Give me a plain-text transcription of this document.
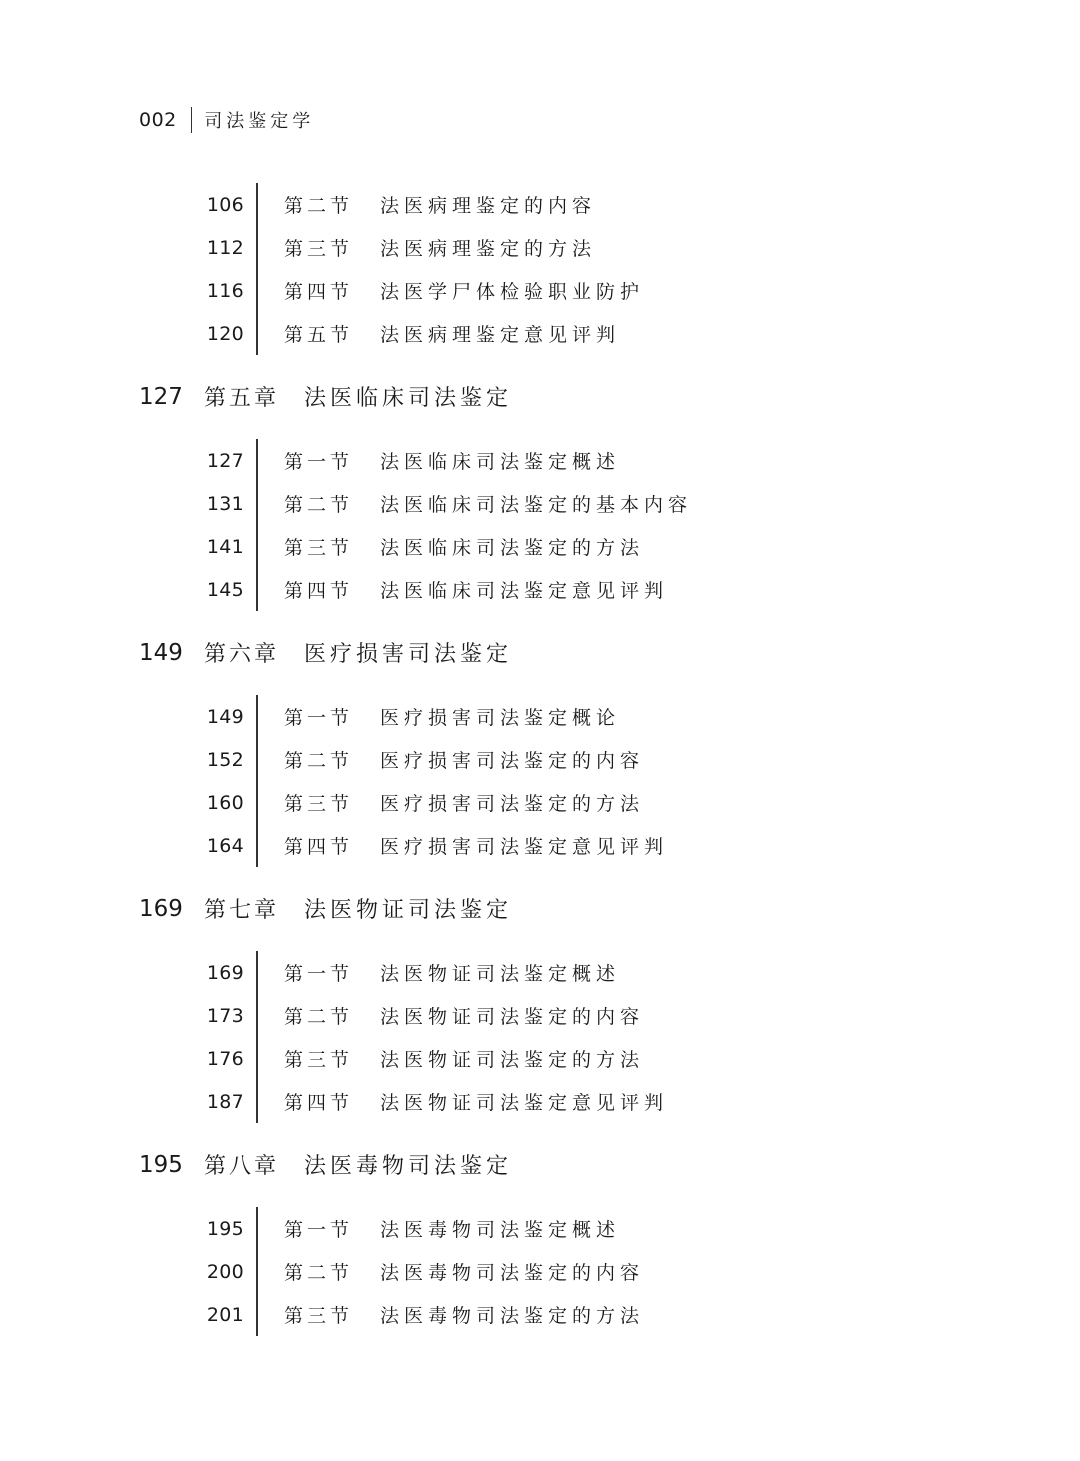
002 司法鉴定学
106 第二节	法医病理鉴定的内容
112 第三节	法医病理鉴定的方法
116 第四节	法医学尸体检验职业防护
120 第五节	法医病理鉴定意见评判
127 第五章	法医临床司法鉴定
127 第一节	法医临床司法鉴定概述
131 第二节	法医临床司法鉴定的基本内容
141 第三节	法医临床司法鉴定的方法
145 第四节	法医临床司法鉴定意见评判
149 第六章	医疗损害司法鉴定
149 第一节	医疗损害司法鉴定概论
152 第二节	医疗损害司法鉴定的内容
160 第三节	医疗损害司法鉴定的方法
164 第四节	医疗损害司法鉴定意见评判
169 第七章	法医物证司法鉴定
169 第一节	法医物证司法鉴定概述
173 第二节	法医物证司法鉴定的内容
176 第三节	法医物证司法鉴定的方法
187 第四节	法医物证司法鉴定意见评判
195 第八章	法医毒物司法鉴定
195 第一节	法医毒物司法鉴定概述
200 第二节	法医毒物司法鉴定的内容
201 第三节	法医毒物司法鉴定的方法
